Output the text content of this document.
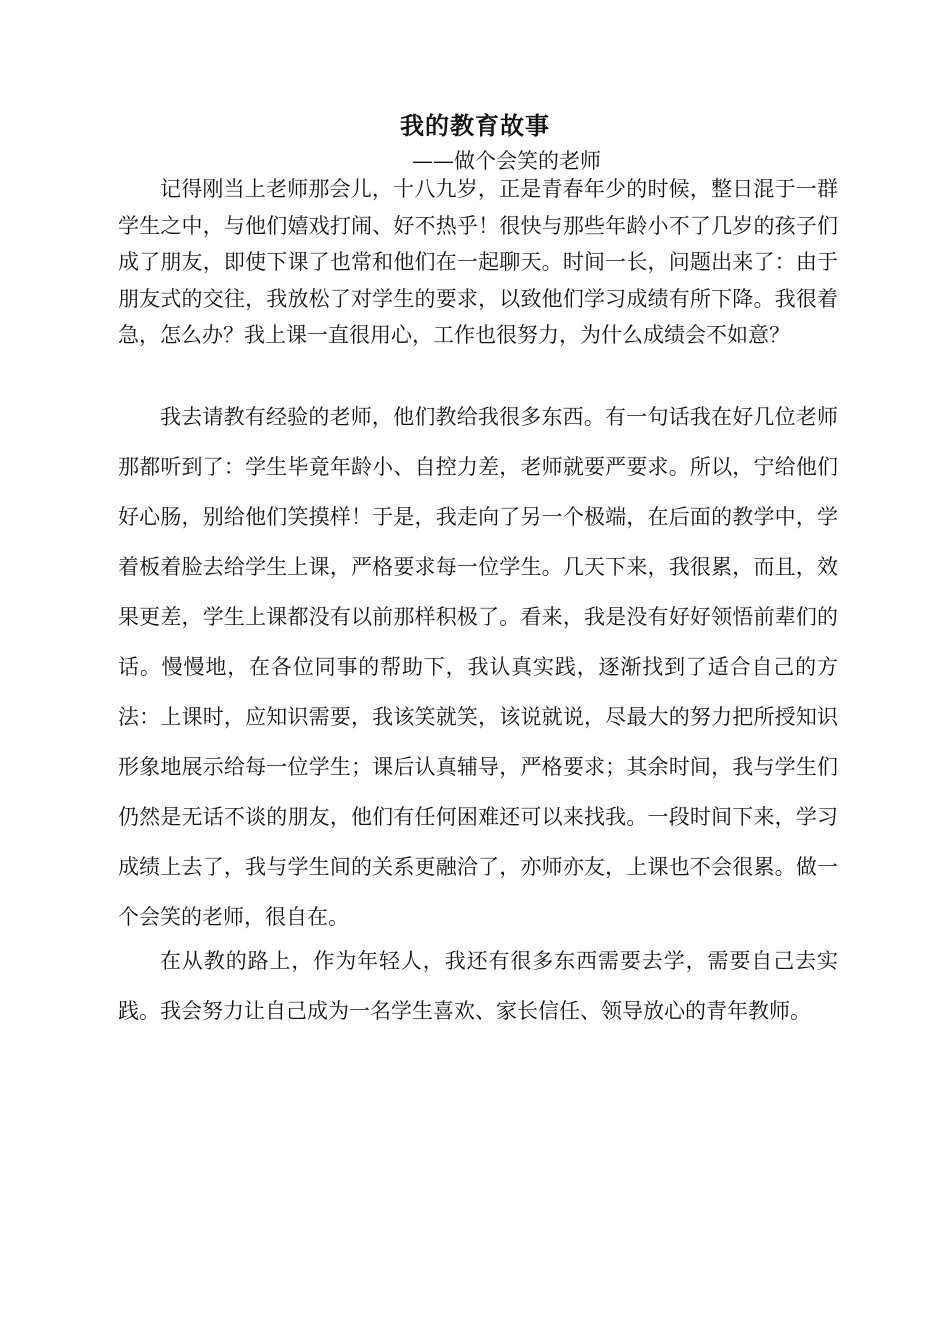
我的教育故事
——做个会笑的老师

记得刚当上老师那会儿，十八九岁，正是青春年少的时候，整日混于一群学生之中，与他们嬉戏打闹、好不热乎！很快与那些年龄小不了几岁的孩子们成了朋友，即使下课了也常和他们在一起聊天。时间一长，问题出来了：由于朋友式的交往，我放松了对学生的要求，以致他们学习成绩有所下降。我很着急，怎么办？我上课一直很用心，工作也很努力，为什么成绩会不如意？

我去请教有经验的老师，他们教给我很多东西。有一句话我在好几位老师那都听到了：学生毕竟年龄小、自控力差，老师就要严要求。所以，宁给他们好心肠，别给他们笑摸样！于是，我走向了另一个极端，在后面的教学中，学着板着脸去给学生上课，严格要求每一位学生。几天下来，我很累，而且，效果更差，学生上课都没有以前那样积极了。看来，我是没有好好领悟前辈们的话。慢慢地，在各位同事的帮助下，我认真实践，逐渐找到了适合自己的方法：上课时，应知识需要，我该笑就笑，该说就说，尽最大的努力把所授知识形象地展示给每一位学生；课后认真辅导，严格要求；其余时间，我与学生们仍然是无话不谈的朋友，他们有任何困难还可以来找我。一段时间下来，学习成绩上去了，我与学生间的关系更融洽了，亦师亦友，上课也不会很累。做一个会笑的老师，很自在。

在从教的路上，作为年轻人，我还有很多东西需要去学，需要自己去实践。我会努力让自己成为一名学生喜欢、家长信任、领导放心的青年教师。
